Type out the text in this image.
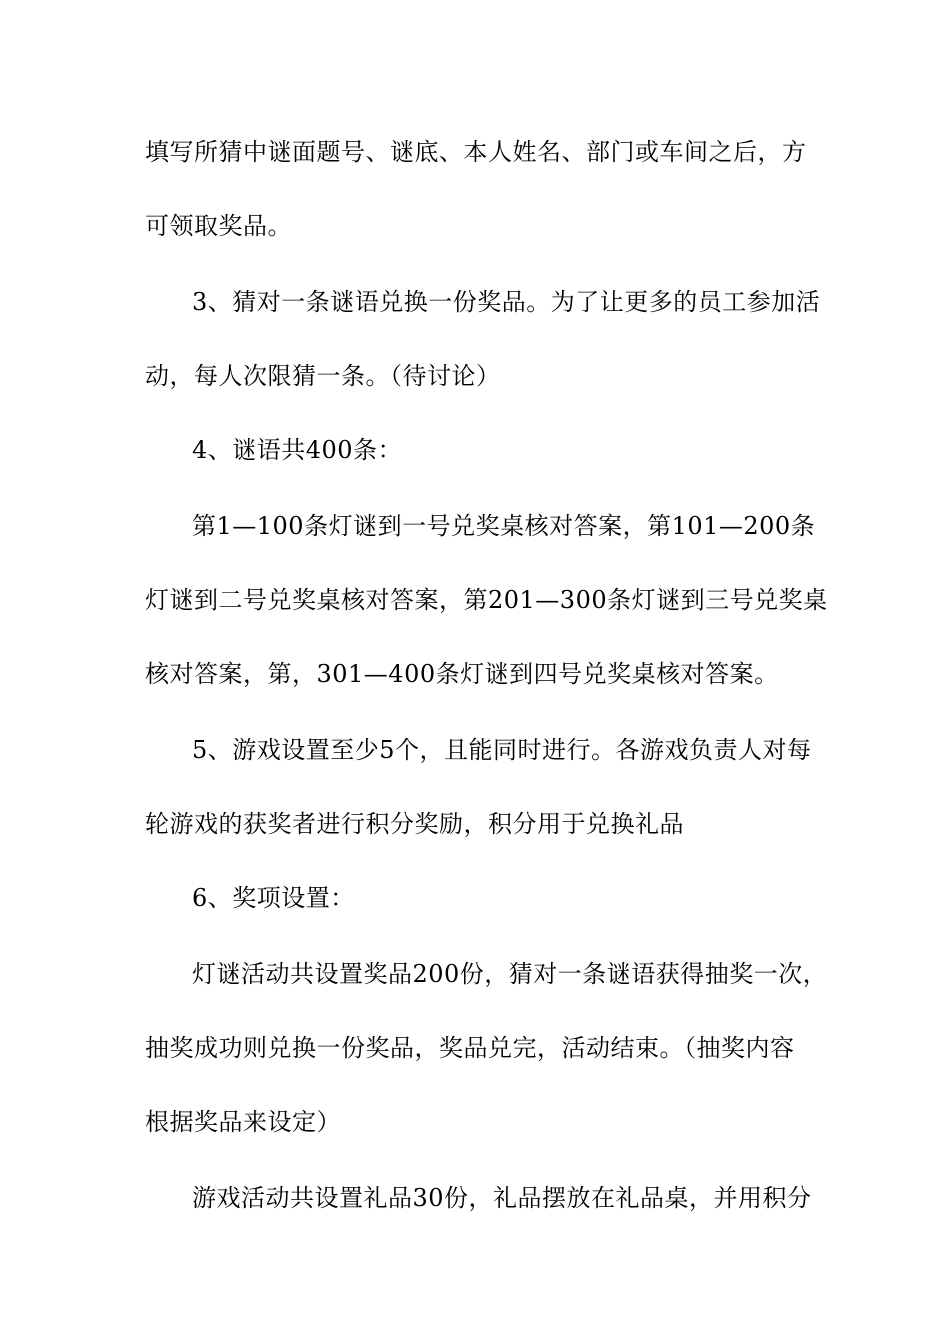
填写所猜中谜面题号、谜底、本人姓名、部门或车间之后，方
可领取奖品。
3、猜对一条谜语兑换一份奖品。为了让更多的员工参加活
动，每人次限猜一条。（待讨论）
4、谜语共400条：
第1—100条灯谜到一号兑奖桌核对答案，第101—200条
灯谜到二号兑奖桌核对答案，第201—300条灯谜到三号兑奖桌
核对答案，第，301—400条灯谜到四号兑奖桌核对答案。
5、游戏设置至少5个，且能同时进行。各游戏负责人对每
轮游戏的获奖者进行积分奖励，积分用于兑换礼品
6、奖项设置：
灯谜活动共设置奖品200份，猜对一条谜语获得抽奖一次，
抽奖成功则兑换一份奖品，奖品兑完，活动结束。（抽奖内容
根据奖品来设定）
游戏活动共设置礼品30份，礼品摆放在礼品桌，并用积分
